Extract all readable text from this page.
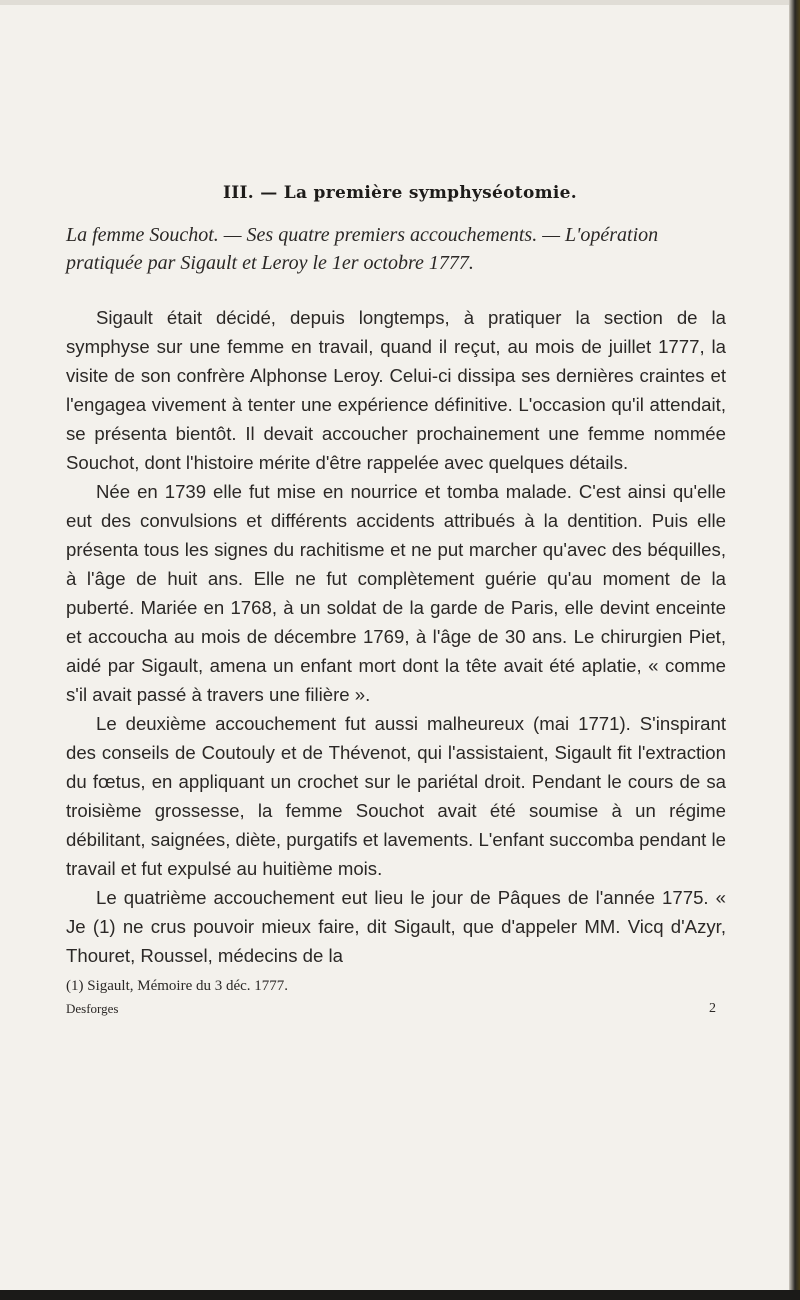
III. — La première symphyséotomie.
La femme Souchot. — Ses quatre premiers accouchements. — L'opération pratiquée par Sigault et Leroy le 1er octobre 1777.

Sigault était décidé, depuis longtemps, à pratiquer la section de la symphyse sur une femme en travail, quand il reçut, au mois de juillet 1777, la visite de son confrère Alphonse Leroy. Celui-ci dissipa ses dernières craintes et l'engagea vivement à tenter une expérience définitive. L'occasion qu'il attendait, se présenta bientôt. Il devait accoucher prochainement une femme nommée Souchot, dont l'histoire mérite d'être rappelée avec quelques détails.

Née en 1739 elle fut mise en nourrice et tomba malade. C'est ainsi qu'elle eut des convulsions et différents accidents attribués à la dentition. Puis elle présenta tous les signes du rachitisme et ne put marcher qu'avec des béquilles, à l'âge de huit ans. Elle ne fut complètement guérie qu'au moment de la puberté. Mariée en 1768, à un soldat de la garde de Paris, elle devint enceinte et accoucha au mois de décembre 1769, à l'âge de 30 ans. Le chirurgien Piet, aidé par Sigault, amena un enfant mort dont la tête avait été aplatie, « comme s'il avait passé à travers une filière ».

Le deuxième accouchement fut aussi malheureux (mai 1771). S'inspirant des conseils de Coutouly et de Thévenot, qui l'assistaient, Sigault fit l'extraction du fœtus, en appliquant un crochet sur le pariétal droit. Pendant le cours de sa troisième grossesse, la femme Souchot avait été soumise à un régime débilitant, saignées, diète, purgatifs et lavements. L'enfant succomba pendant le travail et fut expulsé au huitième mois.

Le quatrième accouchement eut lieu le jour de Pâques de l'année 1775. « Je (1) ne crus pouvoir mieux faire, dit Sigault, que d'appeler MM. Vicq d'Azyr, Thouret, Roussel, médecins de la

(1) Sigault, Mémoire du 3 déc. 1777.
Desforges	2
